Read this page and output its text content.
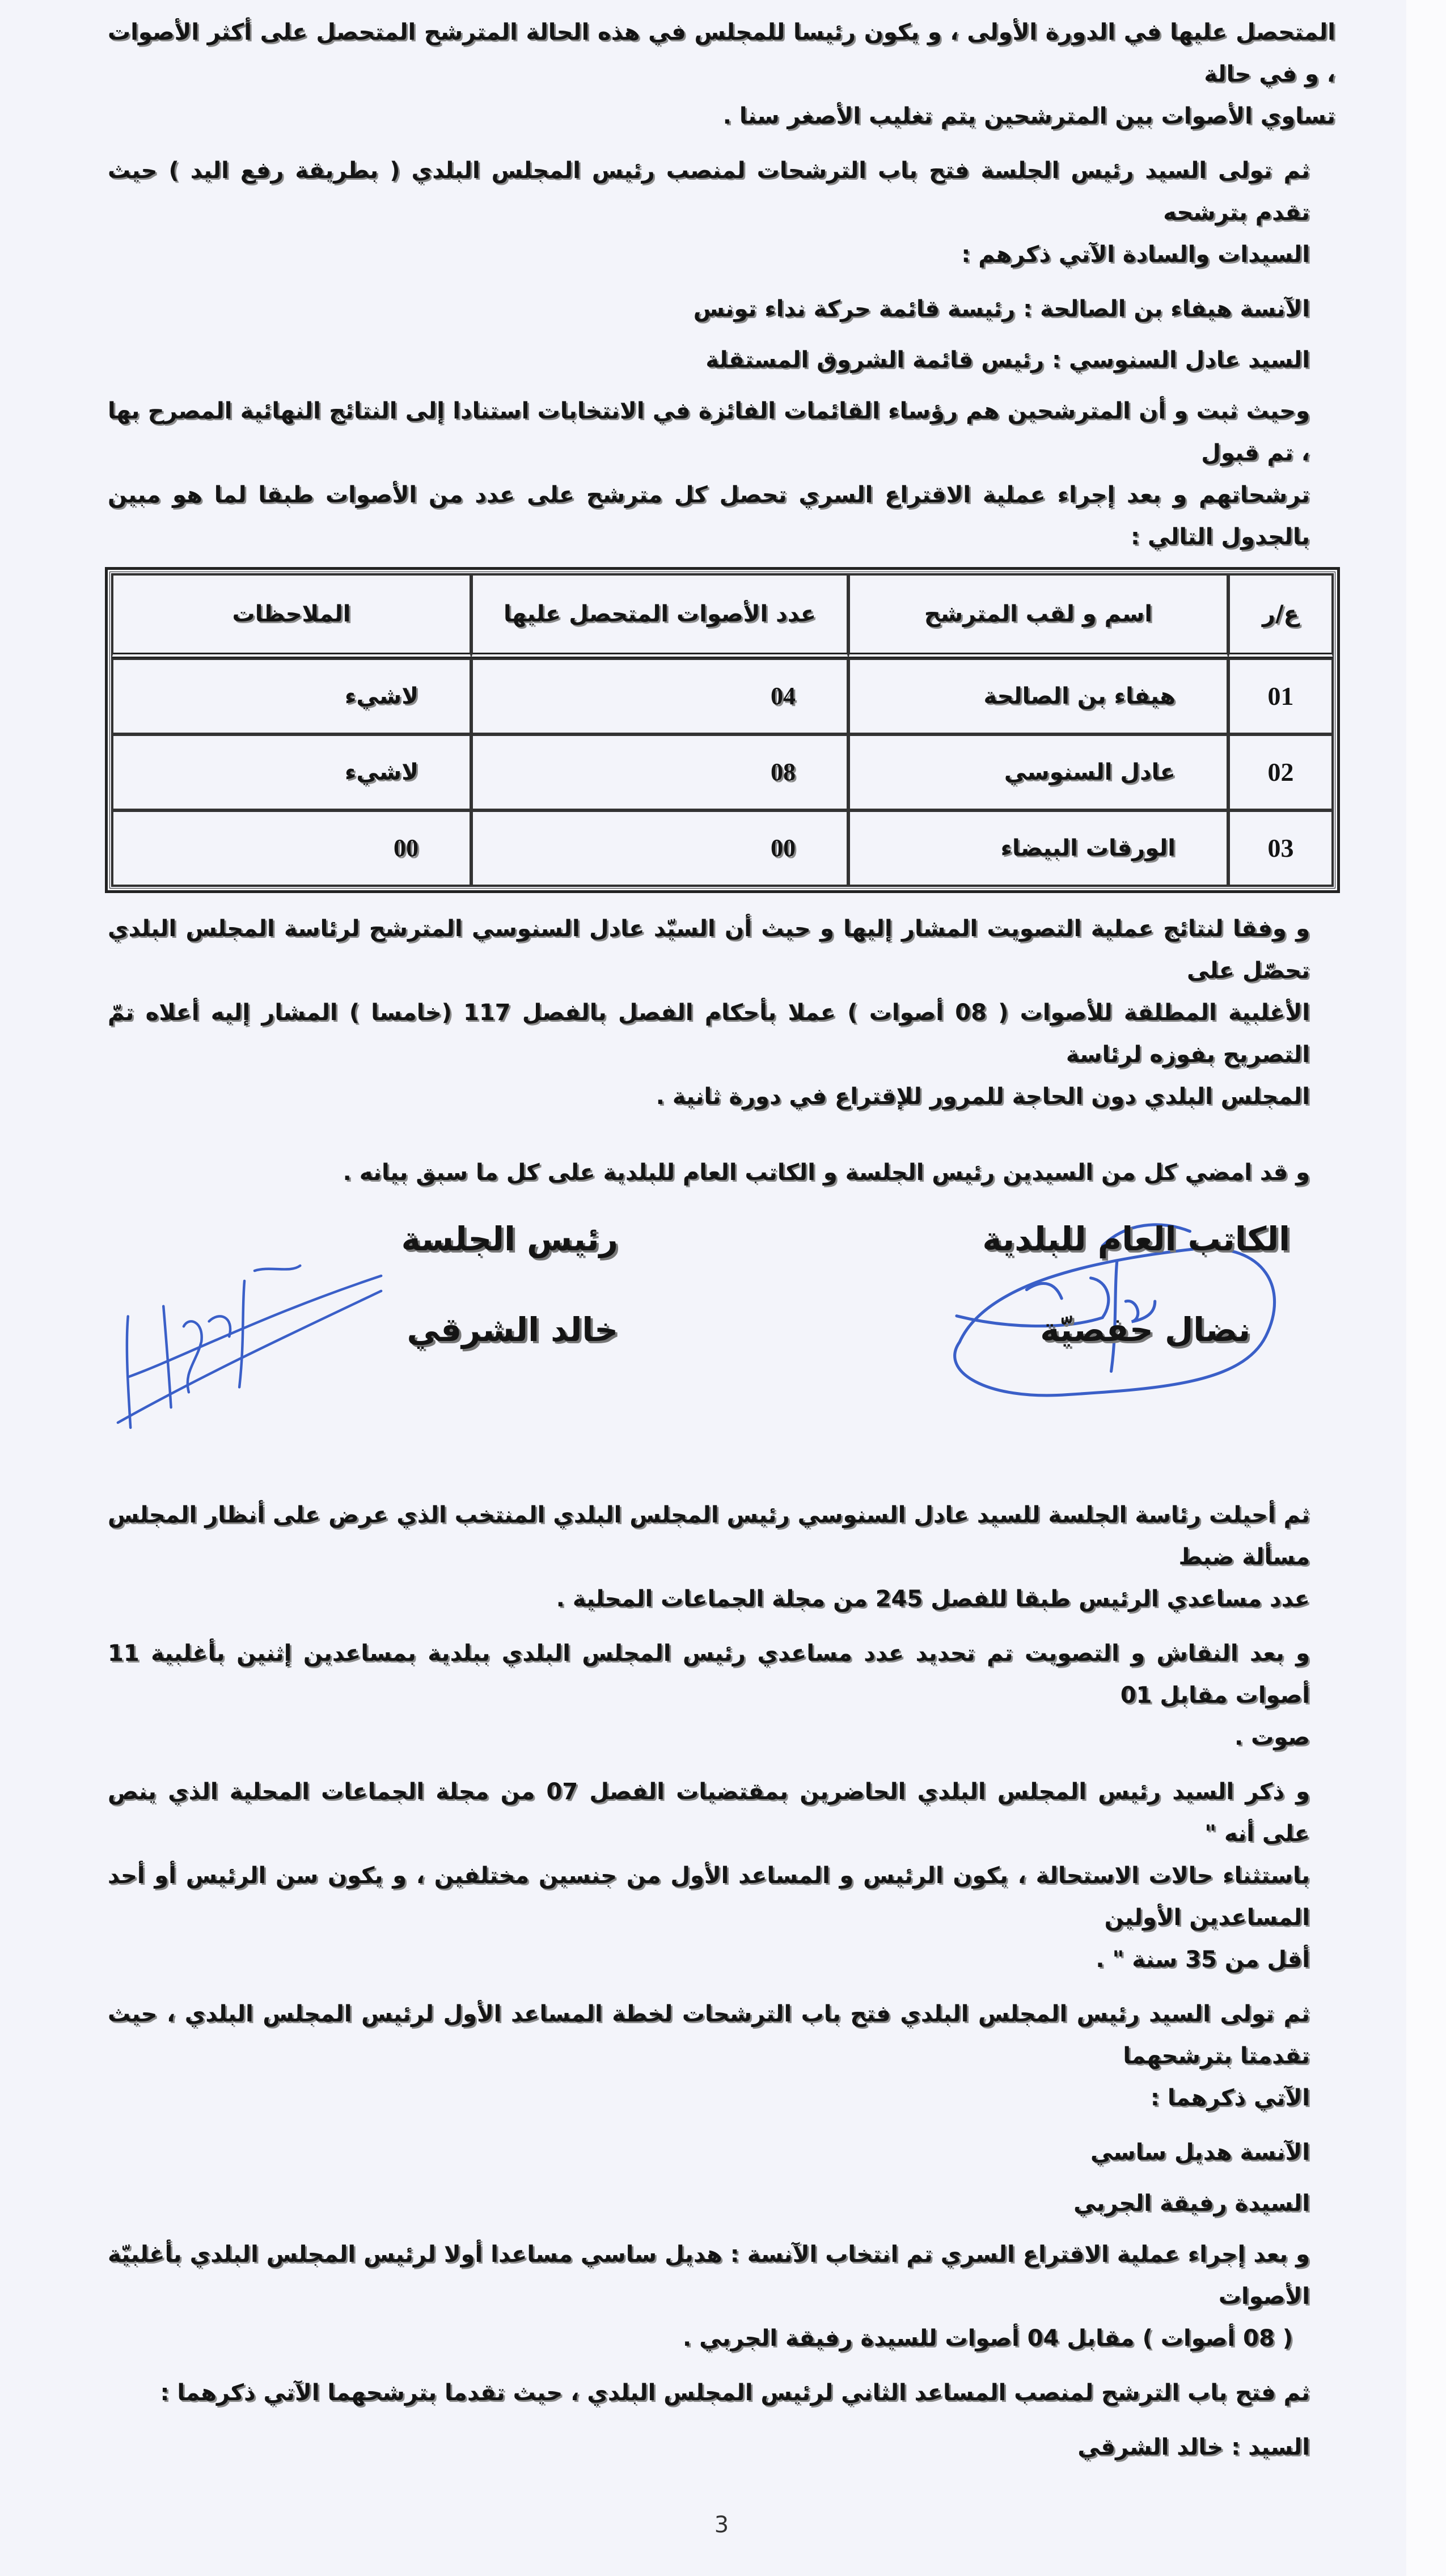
المتحصل عليها في الدورة الأولى ، و يكون رئيسا للمجلس في هذه الحالة المترشح المتحصل على أكثر الأصوات ، و في حالة
تساوي الأصوات بين المترشحين يتم تغليب الأصغر سنا .

ثم تولى السيد رئيس الجلسة فتح باب الترشحات لمنصب رئيس المجلس البلدي ( بطريقة رفع اليد ) حيث تقدم بترشحه
السيدات والسادة الآتي ذكرهم :

الآنسة هيفاء بن الصالحة : رئيسة قائمة حركة نداء تونس
السيد عادل السنوسي : رئيس قائمة الشروق المستقلة

وحيث ثبت و أن المترشحين هم رؤساء القائمات الفائزة في الانتخابات استنادا إلى النتائج النهائية المصرح بها ، تم قبول
ترشحاتهم و بعد إجراء عملية الاقتراع السري تحصل كل مترشح على عدد من الأصوات طبقا لما هو مبين بالجدول التالي :

ع/ر	اسم و لقب المترشح	عدد الأصوات المتحصل عليها	الملاحظات
01	هيفاء بن الصالحة	04	لاشيء
02	عادل السنوسي	08	لاشيء
03	الورقات البيضاء	00	00

و وفقا لنتائج عملية التصويت المشار إليها و حيث أن السيّد عادل السنوسي المترشح لرئاسة المجلس البلدي تحصّل على
الأغلبية المطلقة للأصوات ( 08 أصوات ) عملا بأحكام الفصل بالفصل 117 (خامسا ) المشار إليه أعلاه تمّ التصريح بفوزه لرئاسة
المجلس البلدي دون الحاجة للمرور للإقتراع في دورة ثانية .

و قد امضي كل من السيدين رئيس الجلسة و الكاتب العام للبلدية على كل ما سبق بيانه .

الكاتب العام للبلدية
نضال حفصيّة
رئيس الجلسة
خالد الشرقي

ثم أحيلت رئاسة الجلسة للسيد عادل السنوسي رئيس المجلس البلدي المنتخب الذي عرض على أنظار المجلس مسألة ضبط
عدد مساعدي الرئيس طبقا للفصل 245 من مجلة الجماعات المحلية .

و بعد النقاش و التصويت تم تحديد عدد مساعدي رئيس المجلس البلدي ببلدية بمساعدين إثنين بأغلبية 11 أصوات مقابل 01
صوت .

و ذكر السيد رئيس المجلس البلدي الحاضرين بمقتضيات الفصل 07 من مجلة الجماعات المحلية الذي ينص على أنه "
باستثناء حالات الاستحالة ، يكون الرئيس و المساعد الأول من جنسين مختلفين ، و يكون سن الرئيس أو أحد المساعدين الأولين
أقل من 35 سنة " .

ثم تولى السيد رئيس المجلس البلدي فتح باب الترشحات لخطة المساعد الأول لرئيس المجلس البلدي ، حيث تقدمتا بترشحهما
الآتي ذكرهما :

الآنسة هديل ساسي
السيدة رفيقة الجربي

و بعد إجراء عملية الاقتراع السري تم انتخاب الآنسة : هديل ساسي مساعدا أولا لرئيس المجلس البلدي بأغلبيّة الأصوات
( 08 أصوات ) مقابل 04 أصوات للسيدة رفيقة الجربي .

ثم فتح باب الترشح لمنصب المساعد الثاني لرئيس المجلس البلدي ، حيث تقدما بترشحهما الآتي ذكرهما :

السيد : خالد الشرقي
3
